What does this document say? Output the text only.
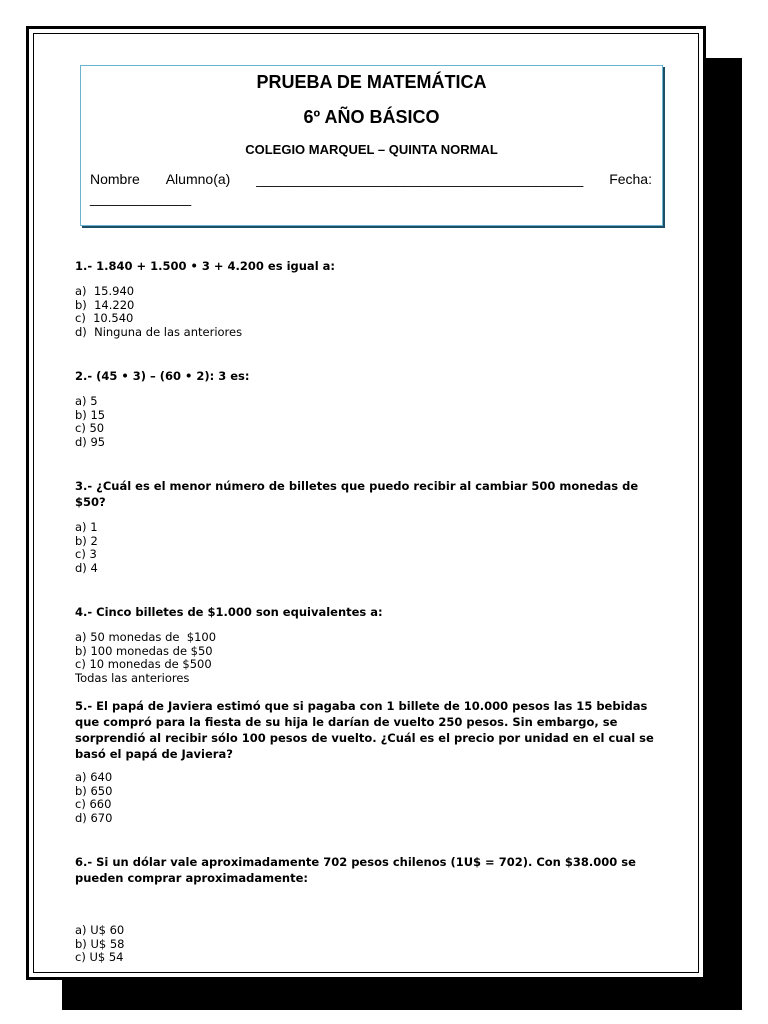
PRUEBA DE MATEMÁTICA
6º AÑO BÁSICO
COLEGIO MARQUEL – QUINTA NORMAL
Nombre Alumno(a) __________________________________________ Fecha:
_____________
1.- 1.840 + 1.500 • 3 + 4.200 es igual a:
a)  15.940
b)  14.220
c)  10.540
d)  Ninguna de las anteriores
2.- (45 • 3) – (60 • 2): 3 es:
a) 5
b) 15
c) 50
d) 95
3.- ¿Cuál es el menor número de billetes que puedo recibir al cambiar 500 monedas de $50?
a) 1
b) 2
c) 3
d) 4
4.- Cinco billetes de $1.000 son equivalentes a:
a) 50 monedas de  $100
b) 100 monedas de $50
c) 10 monedas de $500
Todas las anteriores
5.- El papá de Javiera estimó que si pagaba con 1 billete de 10.000 pesos las 15 bebidas que compró para la fiesta de su hija le darían de vuelto 250 pesos. Sin embargo, se sorprendió al recibir sólo 100 pesos de vuelto. ¿Cuál es el precio por unidad en el cual se basó el papá de Javiera?
a) 640
b) 650
c) 660
d) 670
6.- Si un dólar vale aproximadamente 702 pesos chilenos (1U$ = 702). Con $38.000 se pueden comprar aproximadamente:
a) U$ 60
b) U$ 58
c) U$ 54
